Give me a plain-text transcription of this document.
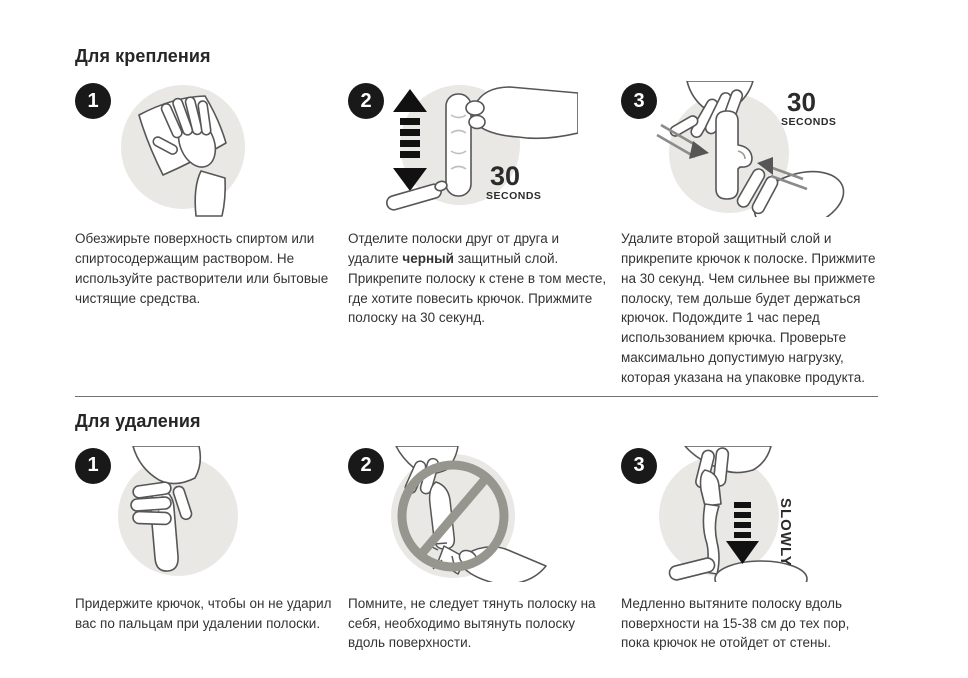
Для крепления
1

Обезжирьте поверхность спиртом или спиртосодержащим раствором. Не используйте растворители или бытовые чистящие средства.

2
30
SECONDS

Отделите полоски друг от друга и удалите черный защитный слой. Прикрепите полоску к стене в том месте, где хотите повесить крючок. Прижмите полоску на 30 секунд.

3	30
SECONDS

Удалите второй защитный слой и прикрепите крючок к полоске. Прижмите на 30 секунд. Чем сильнее вы прижмете полоску, тем дольше будет держаться крючок. Подождите 1 час перед использованием крючка. Проверьте максимально допустимую нагрузку, которая указана на упаковке продукта.

Для удаления
1

Придержите крючок, чтобы он не ударил вас по пальцам при удалении полоски.

2

Помните, не следует тянуть полоску на себя, необходимо вытянуть полоску вдоль поверхности.

3
SLOWLY

Медленно вытяните полоску вдоль поверхности на 15-38 см до тех пор, пока крючок не отойдет от стены.
